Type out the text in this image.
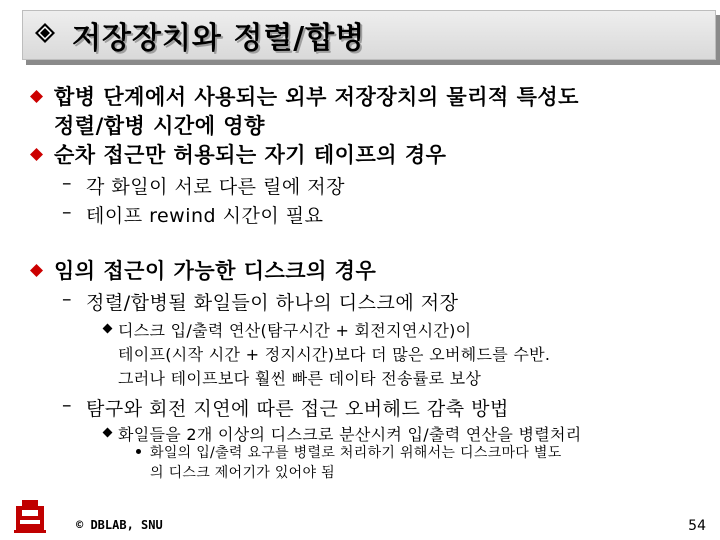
저장장치와 정렬/합병
합병 단계에서 사용되는 외부 저장장치의 물리적 특성도
정렬/합병 시간에 영향
순차 접근만 허용되는 자기 테이프의 경우
– 각 화일이 서로 다른 릴에 저장
– 테이프 rewind 시간이 필요
임의 접근이 가능한 디스크의 경우
– 정렬/합병될 화일들이 하나의 디스크에 저장
디스크 입/출력 연산(탐구시간 + 회전지연시간)이
테이프(시작 시간 + 정지시간)보다 더 많은 오버헤드를 수반.
그러나 테이프보다 훨씬 빠른 데이타 전송률로 보상
– 탐구와 회전 지연에 따른 접근 오버헤드 감축 방법
화일들을 2개 이상의 디스크로 분산시켜 입/출력 연산을 병렬처리
화일의 입/출력 요구를 병렬로 처리하기 위해서는 디스크마다 별도
의 디스크 제어기가 있어야 됨
© DBLAB, SNU	54
